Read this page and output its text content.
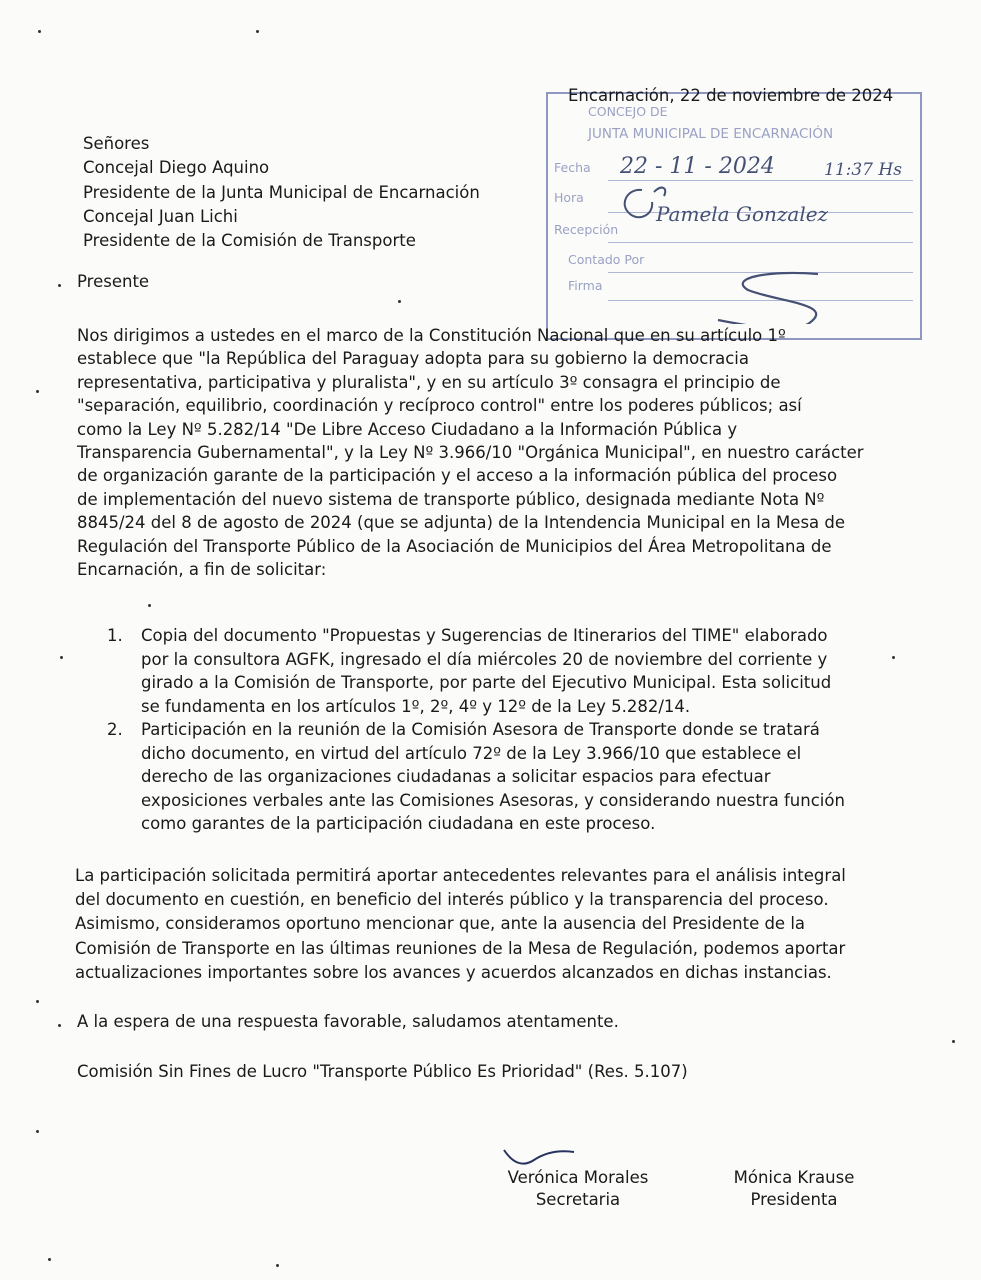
CONCEJO DE
JUNTA MUNICIPAL DE ENCARNACIÓN
Fecha
Hora
Recepción
Contado Por
Firma
22 - 11 - 2024	11:37 Hs
Pamela Gonzalez
Encarnación, 22 de noviembre de 2024
Señores
Concejal Diego Aquino
Presidente de la Junta Municipal de Encarnación
Concejal Juan Lichi
Presidente de la Comisión de Transporte
Presente
Nos dirigimos a ustedes en el marco de la Constitución Nacional que en su artículo 1º
establece que "la República del Paraguay adopta para su gobierno la democracia
representativa, participativa y pluralista", y en su artículo 3º consagra el principio de
"separación, equilibrio, coordinación y recíproco control" entre los poderes públicos; así
como la Ley Nº 5.282/14 "De Libre Acceso Ciudadano a la Información Pública y
Transparencia Gubernamental", y la Ley Nº 3.966/10 "Orgánica Municipal", en nuestro carácter
de organización garante de la participación y el acceso a la información pública del proceso
de implementación del nuevo sistema de transporte público, designada mediante Nota Nº
8845/24 del 8 de agosto de 2024 (que se adjunta) de la Intendencia Municipal en la Mesa de
Regulación del Transporte Público de la Asociación de Municipios del Área Metropolitana de
Encarnación, a fin de solicitar:
1. Copia del documento "Propuestas y Sugerencias de Itinerarios del TIME" elaborado
por la consultora AGFK, ingresado el día miércoles 20 de noviembre del corriente y
girado a la Comisión de Transporte, por parte del Ejecutivo Municipal. Esta solicitud
se fundamenta en los artículos 1º, 2º, 4º y 12º de la Ley 5.282/14.
2. Participación en la reunión de la Comisión Asesora de Transporte donde se tratará
dicho documento, en virtud del artículo 72º de la Ley 3.966/10 que establece el
derecho de las organizaciones ciudadanas a solicitar espacios para efectuar
exposiciones verbales ante las Comisiones Asesoras, y considerando nuestra función
como garantes de la participación ciudadana en este proceso.
La participación solicitada permitirá aportar antecedentes relevantes para el análisis integral
del documento en cuestión, en beneficio del interés público y la transparencia del proceso.
Asimismo, consideramos oportuno mencionar que, ante la ausencia del Presidente de la
Comisión de Transporte en las últimas reuniones de la Mesa de Regulación, podemos aportar
actualizaciones importantes sobre los avances y acuerdos alcanzados en dichas instancias.
A la espera de una respuesta favorable, saludamos atentamente.
Comisión Sin Fines de Lucro "Transporte Público Es Prioridad" (Res. 5.107)
Verónica Morales
Secretaria
Mónica Krause
Presidenta
